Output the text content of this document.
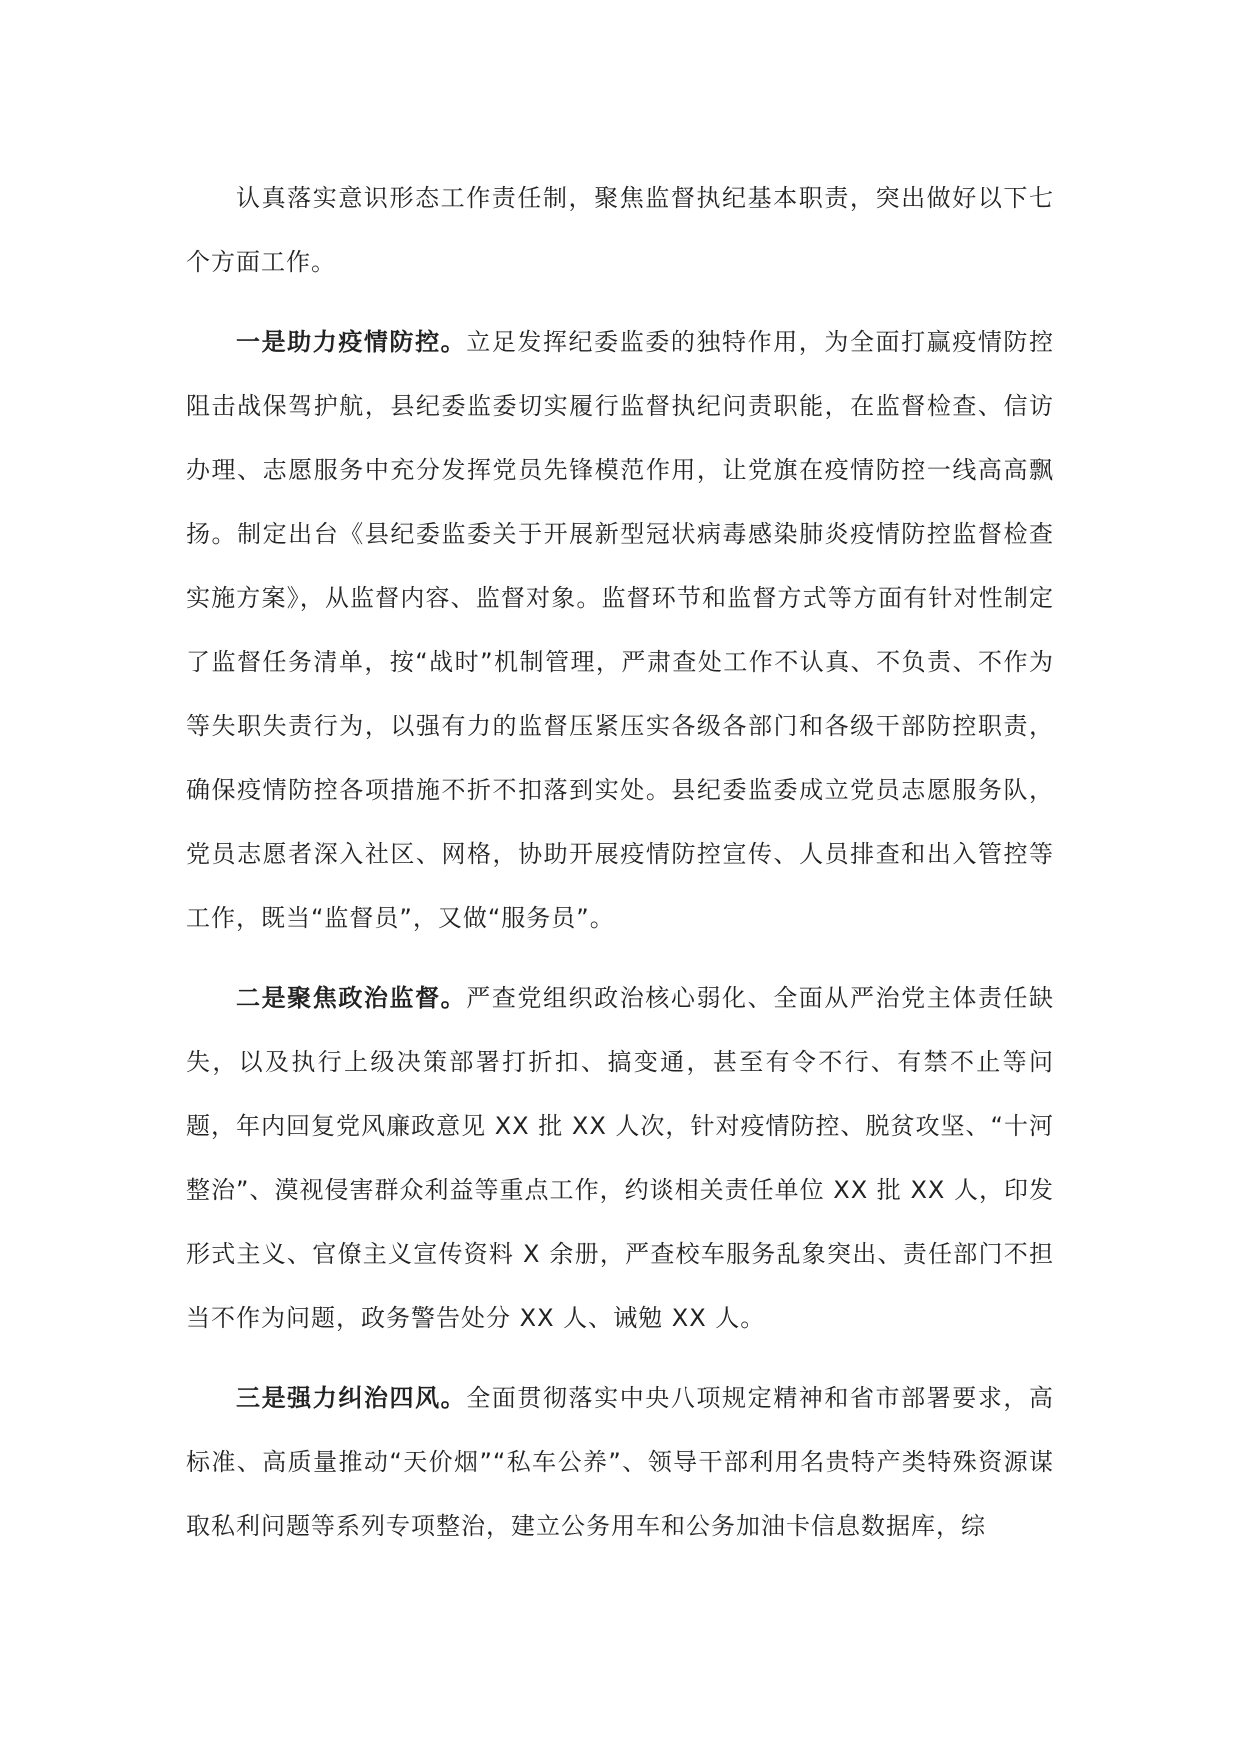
认真落实意识形态工作责任制，聚焦监督执纪基本职责，突出做好以下七个方面工作。

一是助力疫情防控。立足发挥纪委监委的独特作用，为全面打赢疫情防控阻击战保驾护航，县纪委监委切实履行监督执纪问责职能，在监督检查、信访办理、志愿服务中充分发挥党员先锋模范作用，让党旗在疫情防控一线高高飘扬。制定出台《县纪委监委关于开展新型冠状病毒感染肺炎疫情防控监督检查实施方案》，从监督内容、监督对象。监督环节和监督方式等方面有针对性制定了监督任务清单，按“战时”机制管理，严肃查处工作不认真、不负责、不作为等失职失责行为，以强有力的监督压紧压实各级各部门和各级干部防控职责，确保疫情防控各项措施不折不扣落到实处。县纪委监委成立党员志愿服务队，党员志愿者深入社区、网格，协助开展疫情防控宣传、人员排查和出入管控等工作，既当“监督员”，又做“服务员”。

二是聚焦政治监督。严查党组织政治核心弱化、全面从严治党主体责任缺失，以及执行上级决策部署打折扣、搞变通，甚至有令不行、有禁不止等问题，年内回复党风廉政意见 XX 批 XX 人次，针对疫情防控、脱贫攻坚、“十河整治”、漠视侵害群众利益等重点工作，约谈相关责任单位 XX 批 XX 人，印发形式主义、官僚主义宣传资料 X 余册，严查校车服务乱象突出、责任部门不担当不作为问题，政务警告处分 XX 人、诫勉 XX 人。

三是强力纠治四风。全面贯彻落实中央八项规定精神和省市部署要求，高标准、高质量推动“天价烟”“私车公养”、领导干部利用名贵特产类特殊资源谋取私利问题等系列专项整治，建立公务用车和公务加油卡信息数据库，综
